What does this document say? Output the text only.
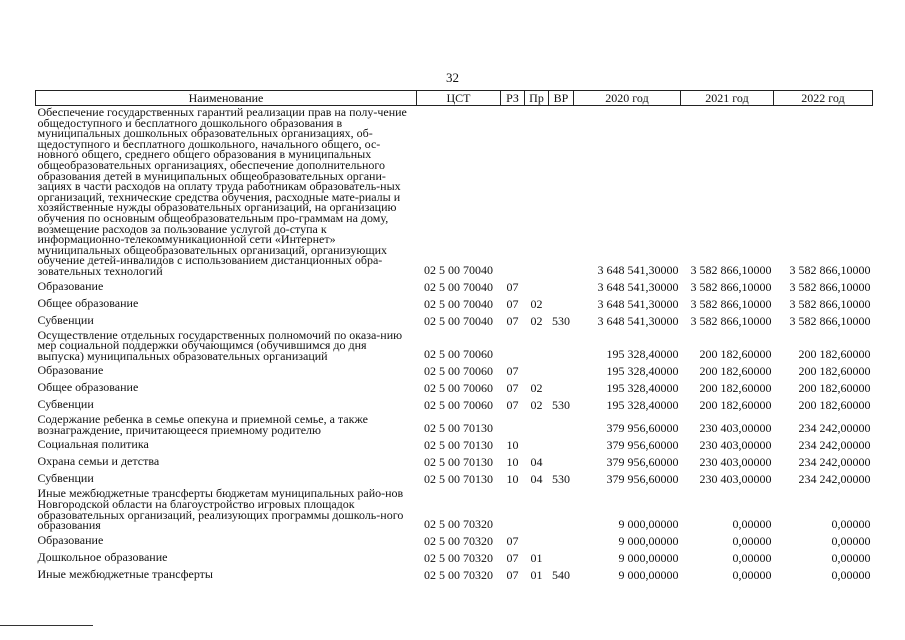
32
Наименование	ЦСТ	РЗ	Пр	ВР	2020 год	2021 год	2022 год
Обеспечение государственных гарантий реализации прав на полу-чение общедоступного и бесплатного дошкольного образования в муниципальных дошкольных образовательных организациях, об-щедоступного и бесплатного дошкольного, начального общего, ос-новного общего, среднего общего образования в муниципальных общеобразовательных организациях, обеспечение дополнительного образования детей в муниципальных общеобразовательных органи-зациях в части расходов на оплату труда работникам образователь-ных организаций, технические средства обучения, расходные мате-риалы и хозяйственные нужды образовательных организаций, на организацию обучения по основным общеобразовательным про-граммам на дому, возмещение расходов за пользование услугой до-ступа к информационно-телекоммуникационной сети «Интернет» муниципальных общеобразовательных организаций, организующих обучение детей-инвалидов с использованием дистанционных обра-зовательных технологий	02 5 00 70040				3 648 541,30000	3 582 866,10000	3 582 866,10000
Образование	02 5 00 70040	07			3 648 541,30000	3 582 866,10000	3 582 866,10000
Общее образование	02 5 00 70040	07	02		3 648 541,30000	3 582 866,10000	3 582 866,10000
Субвенции	02 5 00 70040	07	02	530	3 648 541,30000	3 582 866,10000	3 582 866,10000
Осуществление отдельных государственных полномочий по оказа-нию мер социальной поддержки обучающимся (обучившимся до дня выпуска) муниципальных образовательных организаций	02 5 00 70060				195 328,40000	200 182,60000	200 182,60000
Образование	02 5 00 70060	07			195 328,40000	200 182,60000	200 182,60000
Общее образование	02 5 00 70060	07	02		195 328,40000	200 182,60000	200 182,60000
Субвенции	02 5 00 70060	07	02	530	195 328,40000	200 182,60000	200 182,60000
Содержание ребенка в семье опекуна и приемной семье, а также вознаграждение, причитающееся приемному родителю	02 5 00 70130				379 956,60000	230 403,00000	234 242,00000
Социальная политика	02 5 00 70130	10			379 956,60000	230 403,00000	234 242,00000
Охрана семьи и детства	02 5 00 70130	10	04		379 956,60000	230 403,00000	234 242,00000
Субвенции	02 5 00 70130	10	04	530	379 956,60000	230 403,00000	234 242,00000
Иные межбюджетные трансферты бюджетам муниципальных райо-нов Новгородской области на благоустройство игровых площадок образовательных организаций, реализующих программы дошколь-ного образования	02 5 00 70320				9 000,00000	0,00000	0,00000
Образование	02 5 00 70320	07			9 000,00000	0,00000	0,00000
Дошкольное образование	02 5 00 70320	07	01		9 000,00000	0,00000	0,00000
Иные межбюджетные трансферты	02 5 00 70320	07	01	540	9 000,00000	0,00000	0,00000
